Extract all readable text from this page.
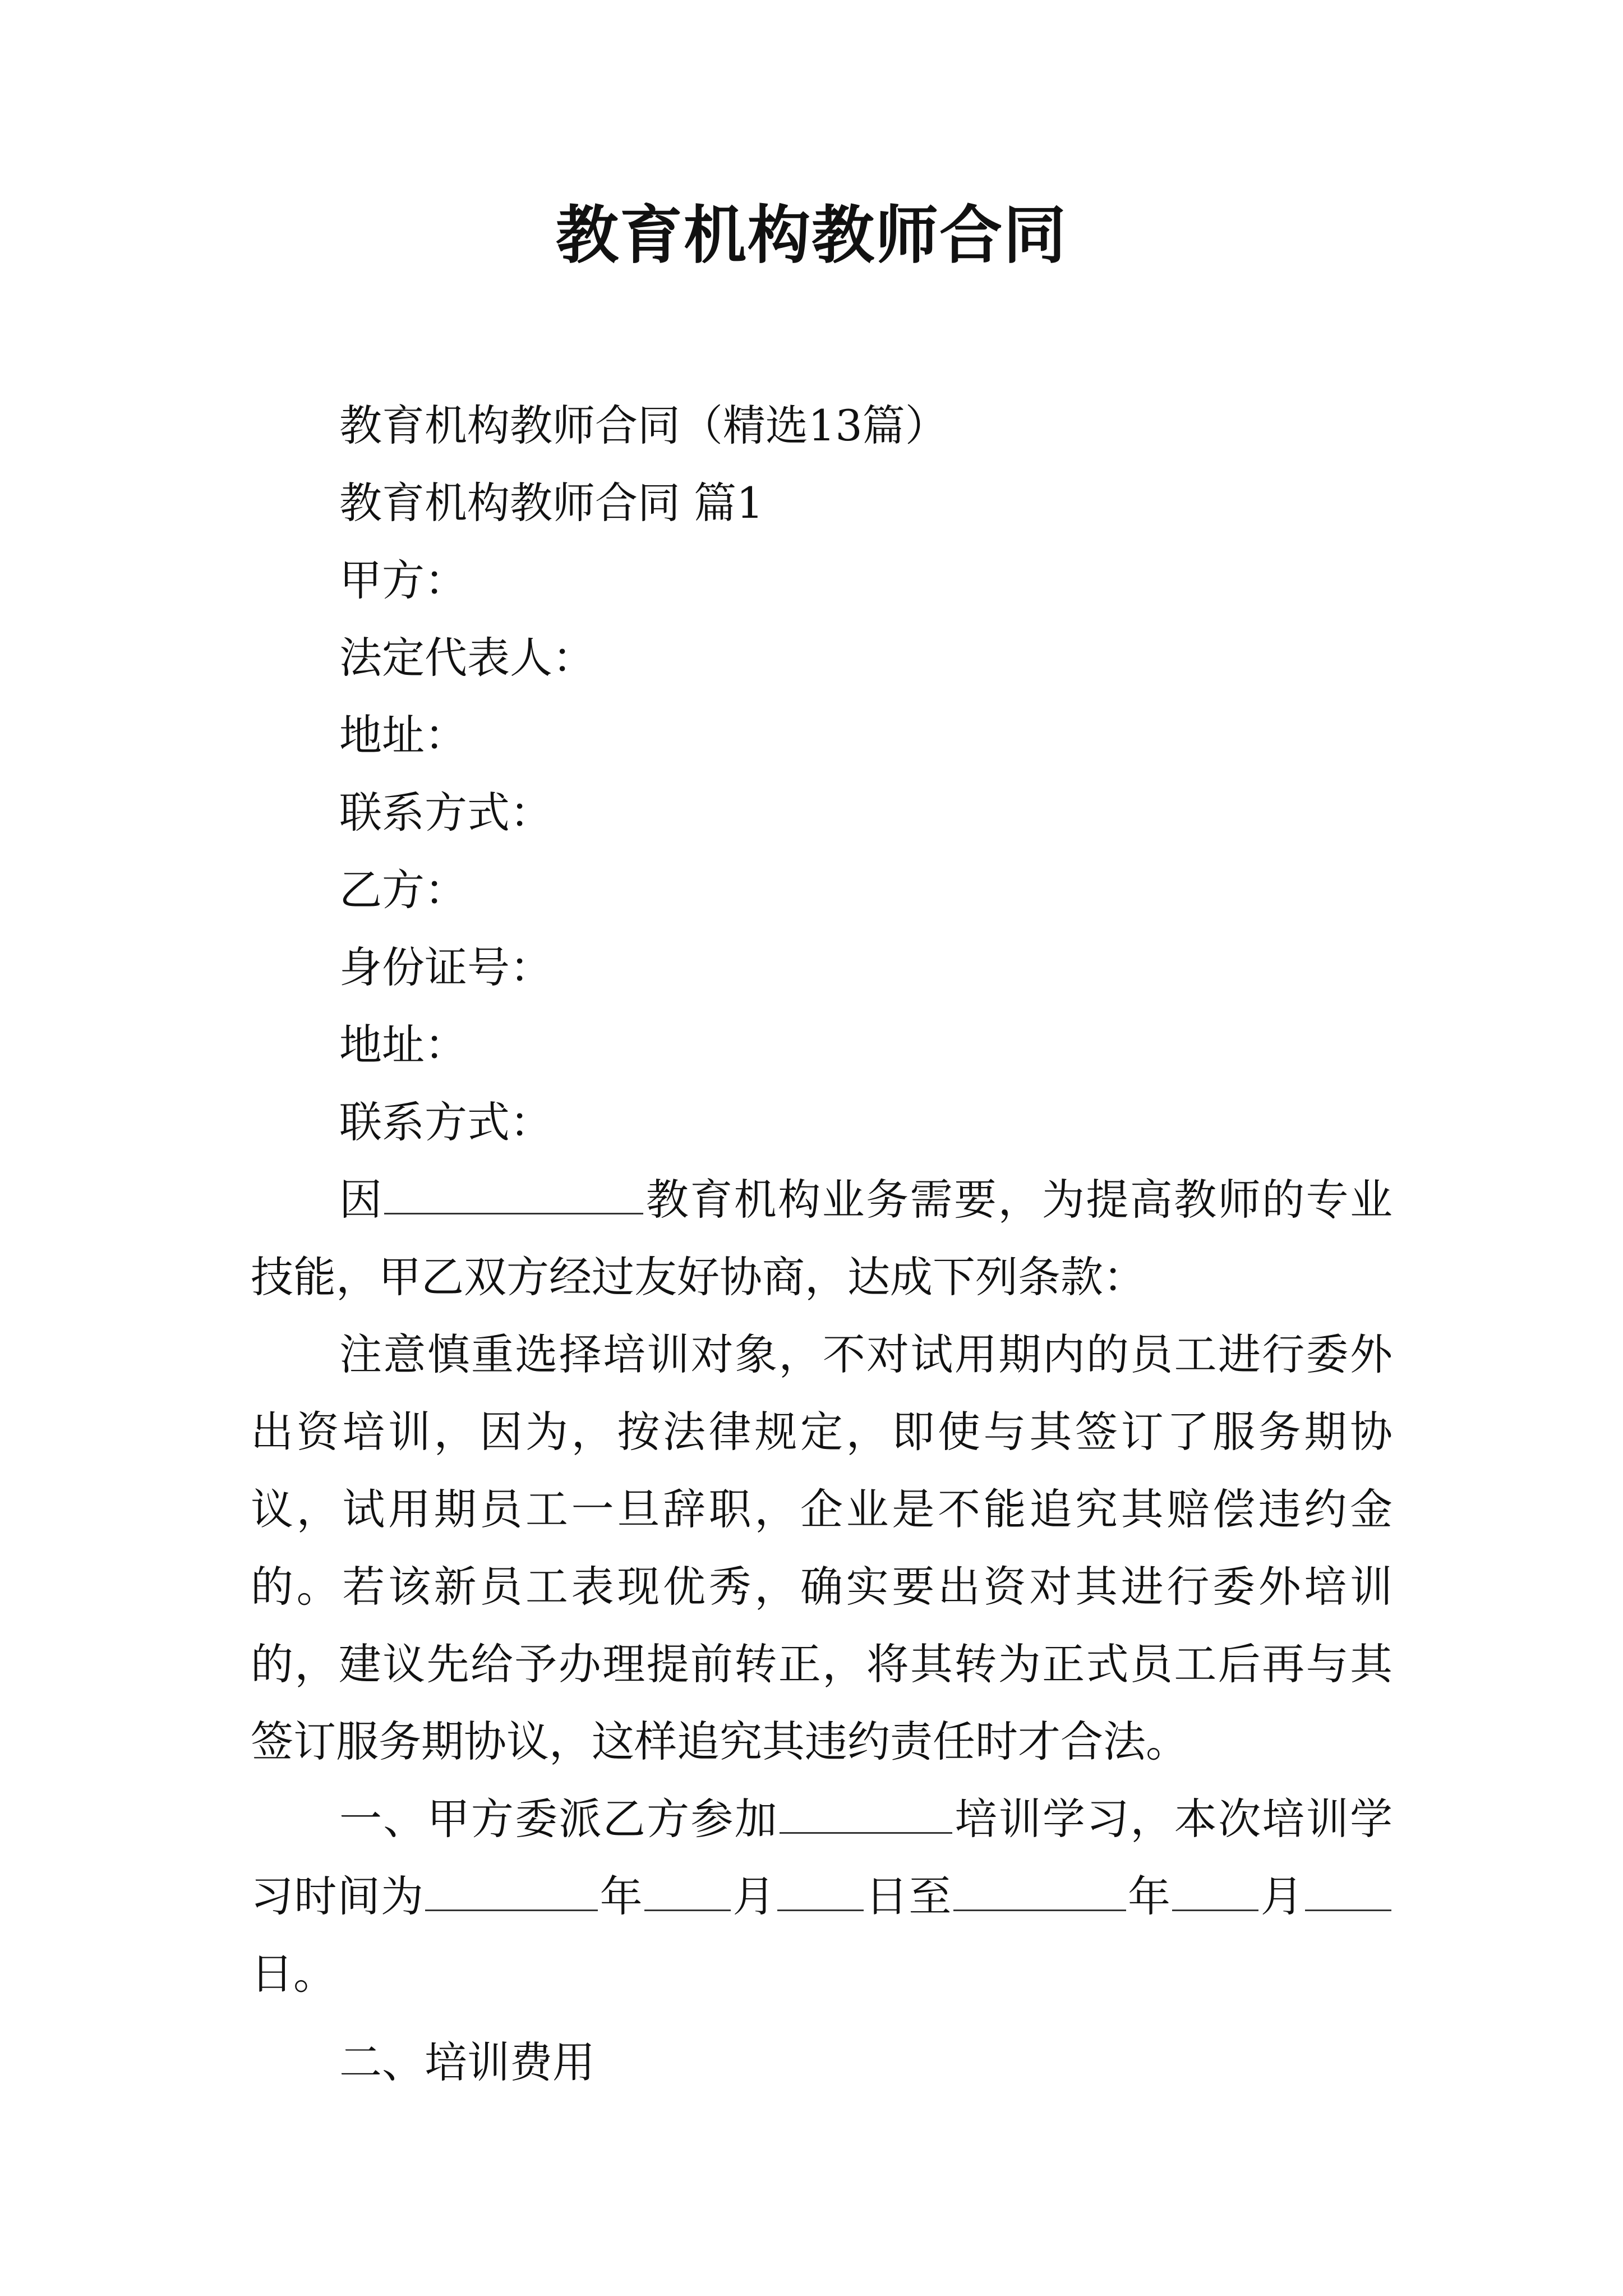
教育机构教师合同

教育机构教师合同（精选13篇）

教育机构教师合同 篇1

甲方：

法定代表人：

地址：

联系方式：

乙方：

身份证号：

地址：

联系方式：

因	教育机构业务需要，为提高教师的专业技能，甲乙双方经过友好协商，达成下列条款：

注意慎重选择培训对象，不对试用期内的员工进行委外出资培训，因为，按法律规定，即使与其签订了服务期协议，试用期员工一旦辞职，企业是不能追究其赔偿违约金的。若该新员工表现优秀，确实要出资对其进行委外培训的，建议先给予办理提前转正，将其转为正式员工后再与其签订服务期协议，这样追究其违约责任时才合法。

一、甲方委派乙方参加	培训学习，本次培训学习时间为	年 月 日至	年 月日。

二、培训费用
